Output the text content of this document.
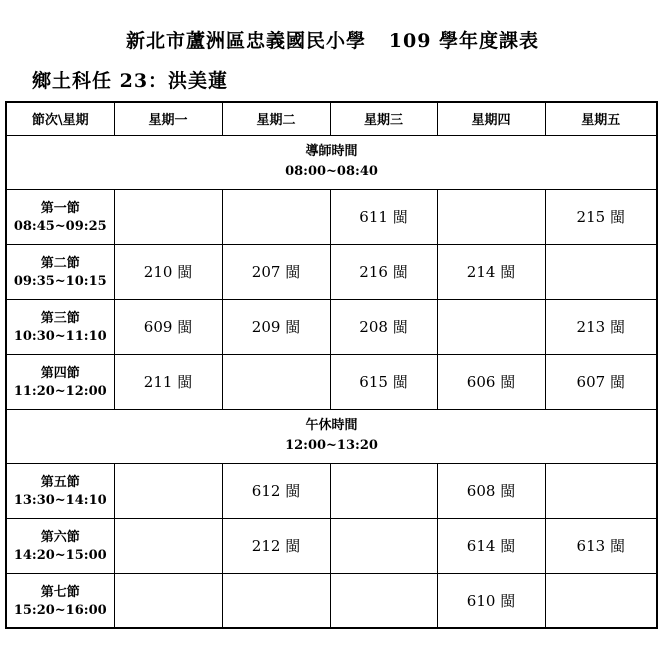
新北市蘆洲區忠義國民小學   109 學年度課表
鄉土科任 23：洪美蓮
節次\星期	星期一	星期二	星期三	星期四	星期五

導師時間
08:00~08:40					

第一節
08:45~09:25			611 閩		215 閩

第二節
09:35~10:15	210 閩	207 閩	216 閩	214 閩	

第三節
10:30~11:10	609 閩	209 閩	208 閩		213 閩

第四節
11:20~12:00	211 閩		615 閩	606 閩	607 閩

午休時間
12:00~13:20					

第五節
13:30~14:10		612 閩		608 閩	

第六節
14:20~15:00		212 閩		614 閩	613 閩

第七節
15:20~16:00				610 閩	
